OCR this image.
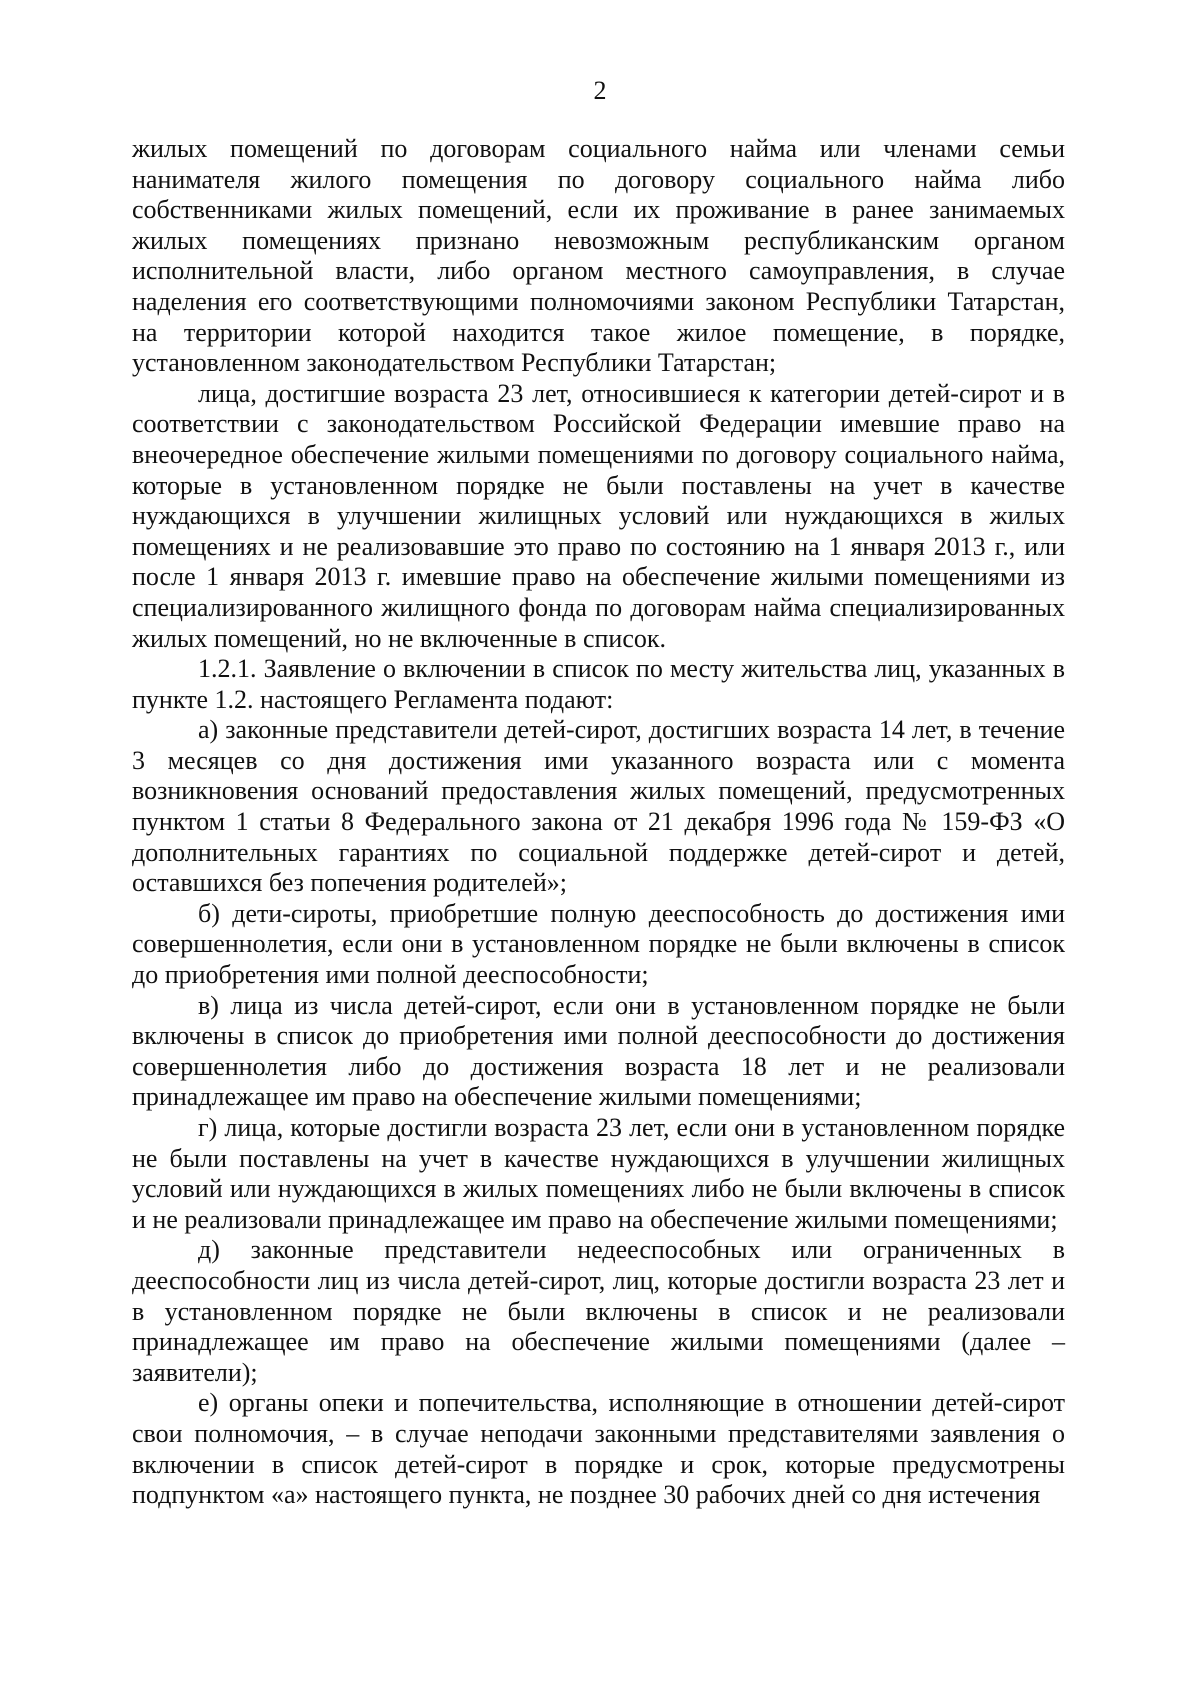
2

жилых помещений по договорам социального найма или членами семьи нанимателя жилого помещения по договору социального найма либо собственниками жилых помещений, если их проживание в ранее занимаемых жилых помещениях признано невозможным республиканским органом исполнительной власти, либо органом местного самоуправления, в случае наделения его соответствующими полномочиями законом Республики Татарстан, на территории которой находится такое жилое помещение, в порядке, установленном законодательством Республики Татарстан;

лица, достигшие возраста 23 лет, относившиеся к категории детей-сирот и в соответствии с законодательством Российской Федерации имевшие право на внеочередное обеспечение жилыми помещениями по договору социального найма, которые в установленном порядке не были поставлены на учет в качестве нуждающихся в улучшении жилищных условий или нуждающихся в жилых помещениях и не реализовавшие это право по состоянию на 1 января 2013 г., или после 1 января 2013 г. имевшие право на обеспечение жилыми помещениями из специализированного жилищного фонда по договорам найма специализированных жилых помещений, но не включенные в список.

1.2.1. Заявление о включении в список по месту жительства лиц, указанных в пункте 1.2. настоящего Регламента подают:

а) законные представители детей-сирот, достигших возраста 14 лет, в течение 3 месяцев со дня достижения ими указанного возраста или с момента возникновения оснований предоставления жилых помещений, предусмотренных пунктом 1 статьи 8 Федерального закона от 21 декабря 1996 года № 159-ФЗ «О дополнительных гарантиях по социальной поддержке детей-сирот и детей, оставшихся без попечения родителей»;

б) дети-сироты, приобретшие полную дееспособность до достижения ими совершеннолетия, если они в установленном порядке не были включены в список до приобретения ими полной дееспособности;

в) лица из числа детей-сирот, если они в установленном порядке не были включены в список до приобретения ими полной дееспособности до достижения совершеннолетия либо до достижения возраста 18 лет и не реализовали принадлежащее им право на обеспечение жилыми помещениями;

г) лица, которые достигли возраста 23 лет, если они в установленном порядке не были поставлены на учет в качестве нуждающихся в улучшении жилищных условий или нуждающихся в жилых помещениях либо не были включены в список и не реализовали принадлежащее им право на обеспечение жилыми помещениями;

д) законные представители недееспособных или ограниченных в дееспособности лиц из числа детей-сирот, лиц, которые достигли возраста 23 лет и в установленном порядке не были включены в список и не реализовали принадлежащее им право на обеспечение жилыми помещениями (далее – заявители);

е) органы опеки и попечительства, исполняющие в отношении детей-сирот свои полномочия, – в случае неподачи законными представителями заявления о включении в список детей-сирот в порядке и срок, которые предусмотрены подпунктом «а» настоящего пункта, не позднее 30 рабочих дней со дня истечения
